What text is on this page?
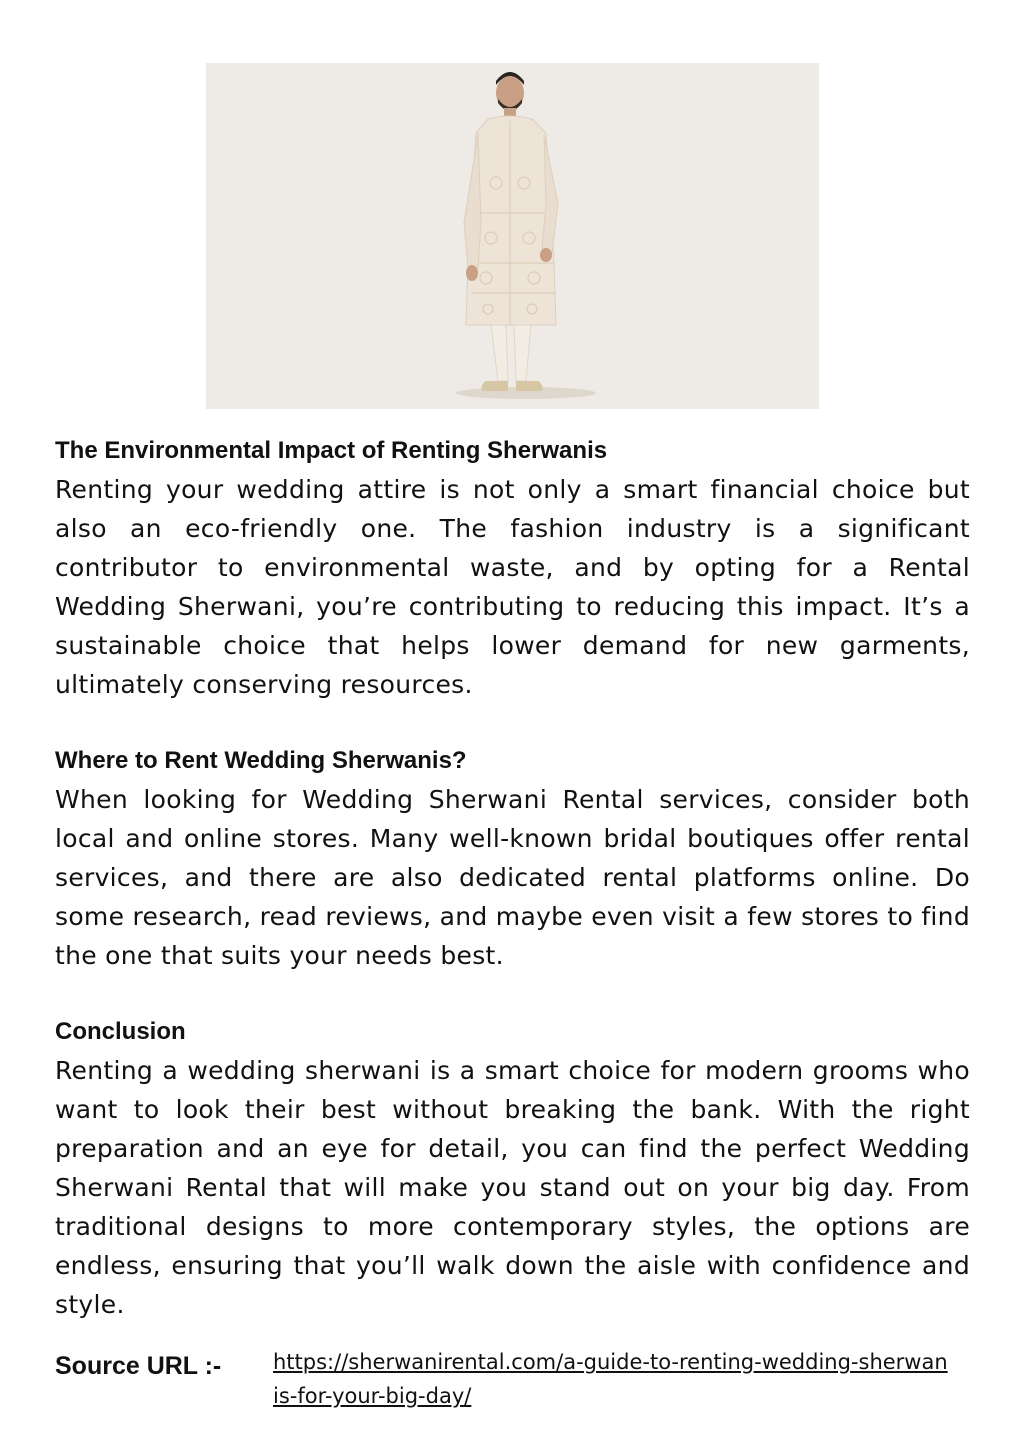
The Environmental Impact of Renting Sherwanis

Renting your wedding attire is not only a smart financial choice but also an eco-friendly one. The fashion industry is a significant contributor to environmental waste, and by opting for a Rental Wedding Sherwani, you’re contributing to reducing this impact. It’s a sustainable choice that helps lower demand for new garments, ultimately conserving resources.

Where to Rent Wedding Sherwanis?

When looking for Wedding Sherwani Rental services, consider both local and online stores. Many well-known bridal boutiques offer rental services, and there are also dedicated rental platforms online. Do some research, read reviews, and maybe even visit a few stores to find the one that suits your needs best.

Conclusion

Renting a wedding sherwani is a smart choice for modern grooms who want to look their best without breaking the bank. With the right preparation and an eye for detail, you can find the perfect Wedding Sherwani Rental that will make you stand out on your big day. From traditional designs to more contemporary styles, the options are endless, ensuring that you’ll walk down the aisle with confidence and style.

Source URL :- https://sherwanirental.com/a-guide-to-renting-wedding-sherwanis-for-your-big-day/
